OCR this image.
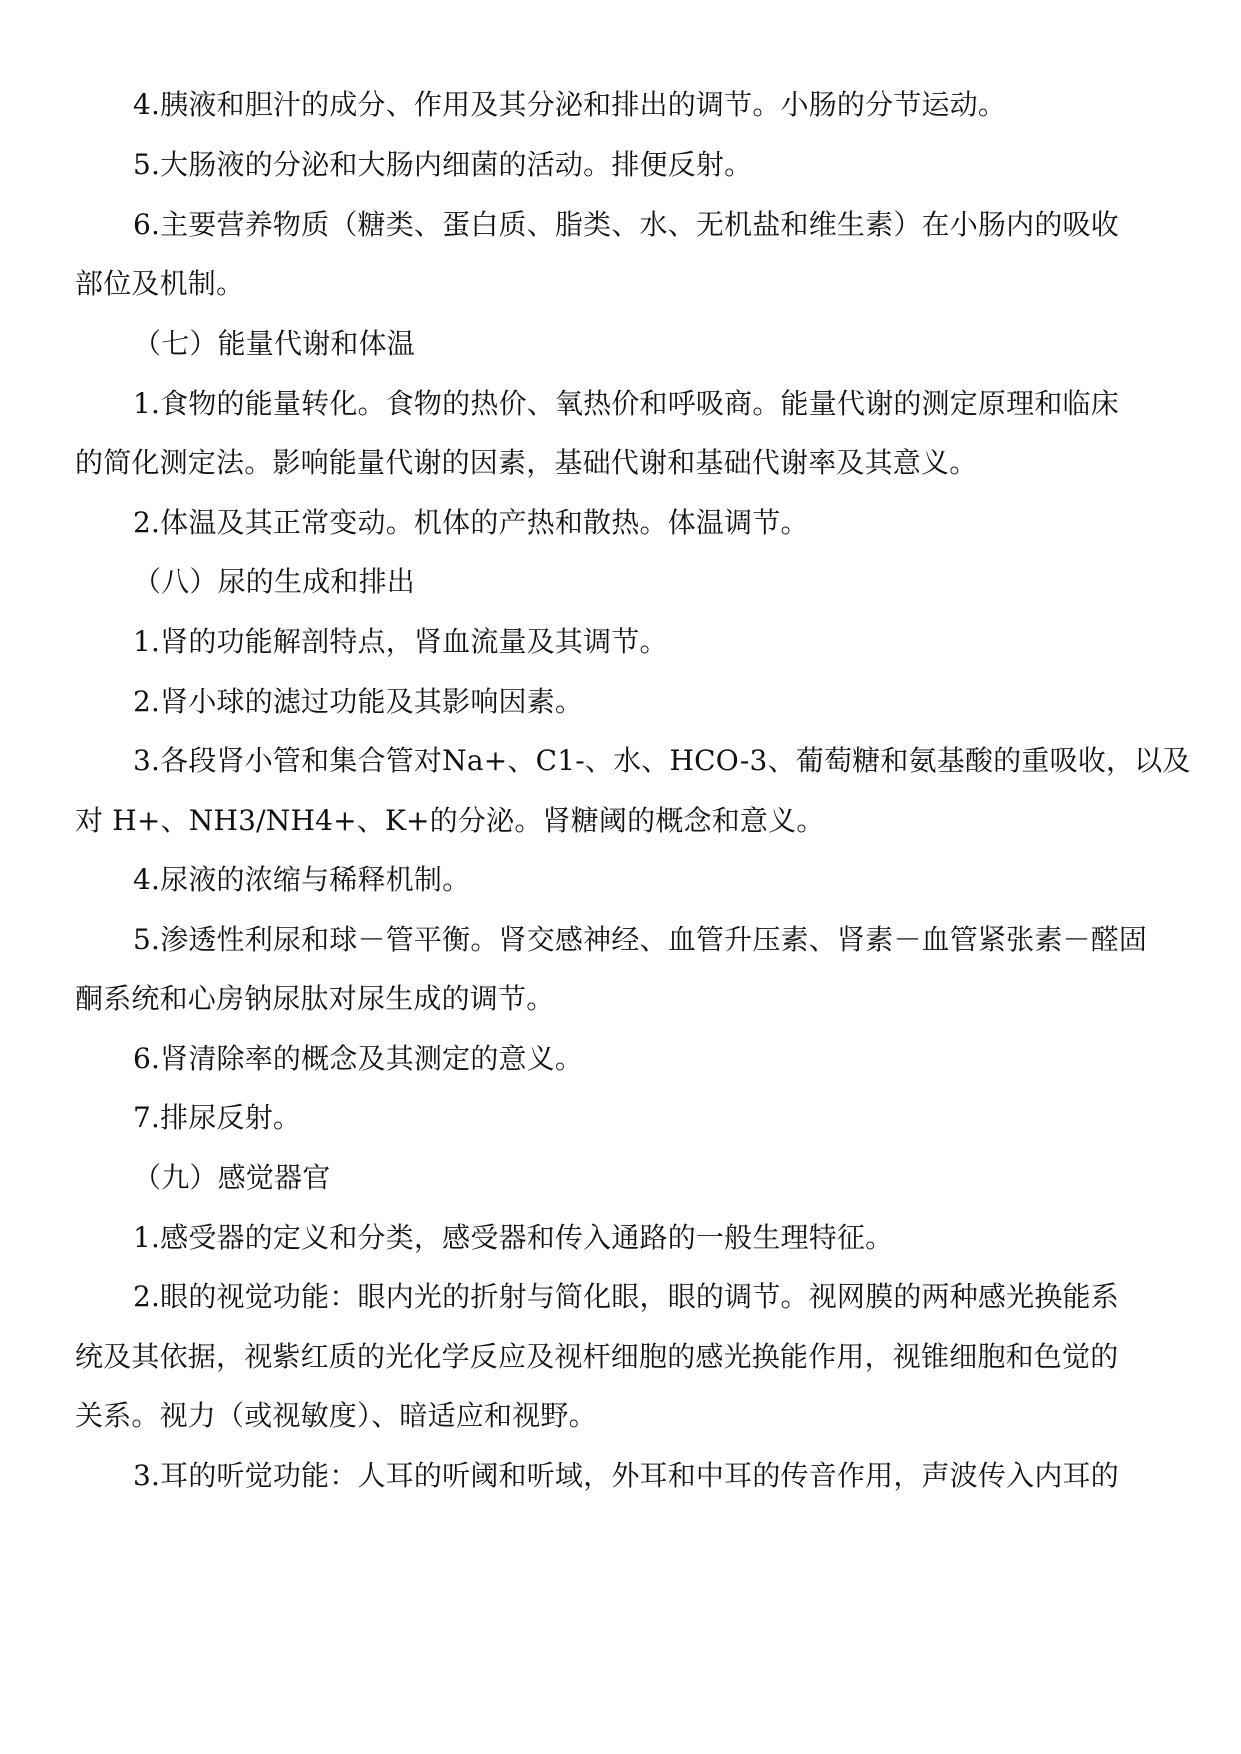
4.胰液和胆汁的成分、作用及其分泌和排出的调节。小肠的分节运动。
5.大肠液的分泌和大肠内细菌的活动。排便反射。
6.主要营养物质（糖类、蛋白质、脂类、水、无机盐和维生素）在小肠内的吸收
部位及机制。
（七）能量代谢和体温
1.食物的能量转化。食物的热价、氧热价和呼吸商。能量代谢的测定原理和临床
的简化测定法。影响能量代谢的因素，基础代谢和基础代谢率及其意义。
2.体温及其正常变动。机体的产热和散热。体温调节。
（八）尿的生成和排出
1.肾的功能解剖特点，肾血流量及其调节。
2.肾小球的滤过功能及其影响因素。
3.各段肾小管和集合管对Na+、C1-、水、HCO-3、葡萄糖和氨基酸的重吸收，以及
对 H+、NH3/NH4+、K+的分泌。肾糖阈的概念和意义。
4.尿液的浓缩与稀释机制。
5.渗透性利尿和球－管平衡。肾交感神经、血管升压素、肾素－血管紧张素－醛固
酮系统和心房钠尿肽对尿生成的调节。
6.肾清除率的概念及其测定的意义。
7.排尿反射。
（九）感觉器官
1.感受器的定义和分类，感受器和传入通路的一般生理特征。
2.眼的视觉功能：眼内光的折射与简化眼，眼的调节。视网膜的两种感光换能系
统及其依据，视紫红质的光化学反应及视杆细胞的感光换能作用，视锥细胞和色觉的
关系。视力（或视敏度）、暗适应和视野。
3.耳的听觉功能：人耳的听阈和听域，外耳和中耳的传音作用，声波传入内耳的
